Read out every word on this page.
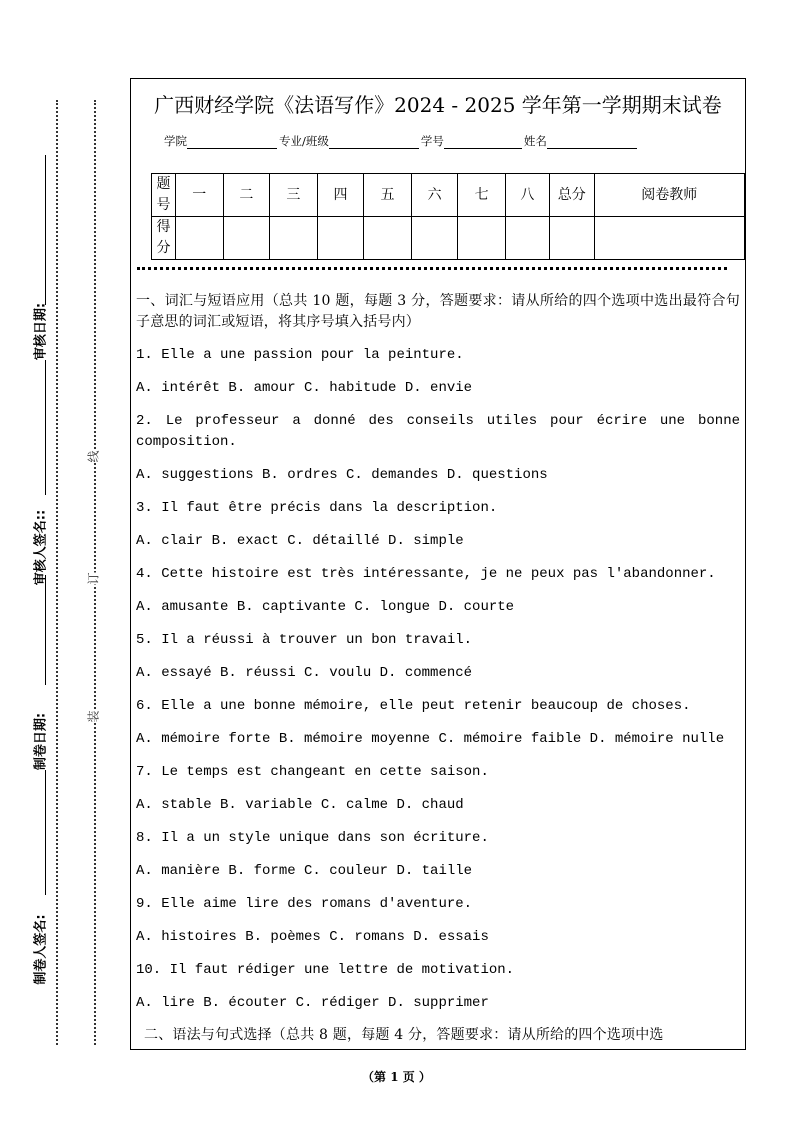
审核日期:
审核人签名::
制卷日期:
制卷人签名:
线
订
装
广西财经学院《法语写作》2024 - 2025 学年第一学期期末试卷
学院	专业/班级	学号	姓名
题号	一	二	三	四	五	六	七	八	总分	阅卷教师
得分										
一、词汇与短语应用（总共 10 题，每题 3 分，答题要求：请从所给的四个选项中选出最符合句子意思的词汇或短语，将其序号填入括号内）
1. Elle a une passion pour la peinture.
A. intérêt B. amour C. habitude D. envie
2. Le professeur a donné des conseils utiles pour écrire une bonne composition.
A. suggestions B. ordres C. demandes D. questions
3. Il faut être précis dans la description.
A. clair B. exact C. détaillé D. simple
4. Cette histoire est très intéressante, je ne peux pas l'abandonner.
A. amusante B. captivante C. longue D. courte
5. Il a réussi à trouver un bon travail.
A. essayé B. réussi C. voulu D. commencé
6. Elle a une bonne mémoire, elle peut retenir beaucoup de choses.
A. mémoire forte B. mémoire moyenne C. mémoire faible D. mémoire nulle
7. Le temps est changeant en cette saison.
A. stable B. variable C. calme D. chaud
8. Il a un style unique dans son écriture.
A. manière B. forme C. couleur D. taille
9. Elle aime lire des romans d'aventure.
A. histoires B. poèmes C. romans D. essais
10. Il faut rédiger une lettre de motivation.
A. lire B. écouter C. rédiger D. supprimer
二、语法与句式选择（总共 8 题，每题 4 分，答题要求：请从所给的四个选项中选
（第 1 页 ）
